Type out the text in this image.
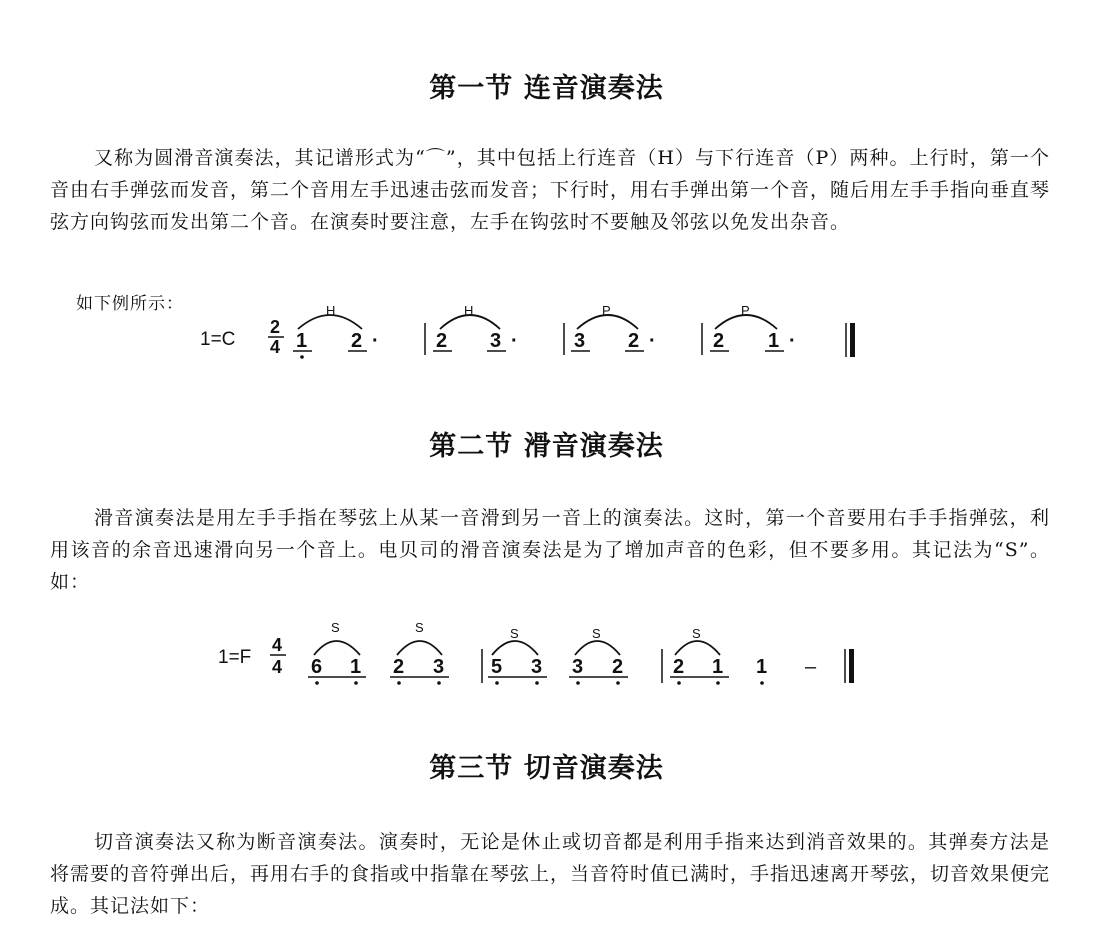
第一节 连音演奏法

又称为圆滑音演奏法，其记谱形式为“⌒”，其中包括上行连音（H）与下行连音（P）两种。上行时，第一个音由右手弹弦而发音，第二个音用左手迅速击弦而发音；下行时，用右手弹出第一个音，随后用左手手指向垂直琴弦方向钩弦而发出第二个音。在演奏时要注意，左手在钩弦时不要触及邻弦以免发出杂音。

如下例所示：

1=C
2
4
H	H	P	P
1 2 ·	2 3 ·	3 2 ·	2 1 ·
第二节 滑音演奏法

滑音演奏法是用左手手指在琴弦上从某一音滑到另一音上的演奏法。这时，第一个音要用右手手指弹弦，利用该音的余音迅速滑向另一个音上。电贝司的滑音演奏法是为了增加声音的色彩，但不要多用。其记法为“S”。如：

1=F
4
4
S	S	S	S	S
6 1 2 3 5 3 3 2 2 1 1 –
第三节 切音演奏法

切音演奏法又称为断音演奏法。演奏时，无论是休止或切音都是利用手指来达到消音效果的。其弹奏方法是将需要的音符弹出后，再用右手的食指或中指靠在琴弦上，当音符时值已满时，手指迅速离开琴弦，切音效果便完成。其记法如下：
